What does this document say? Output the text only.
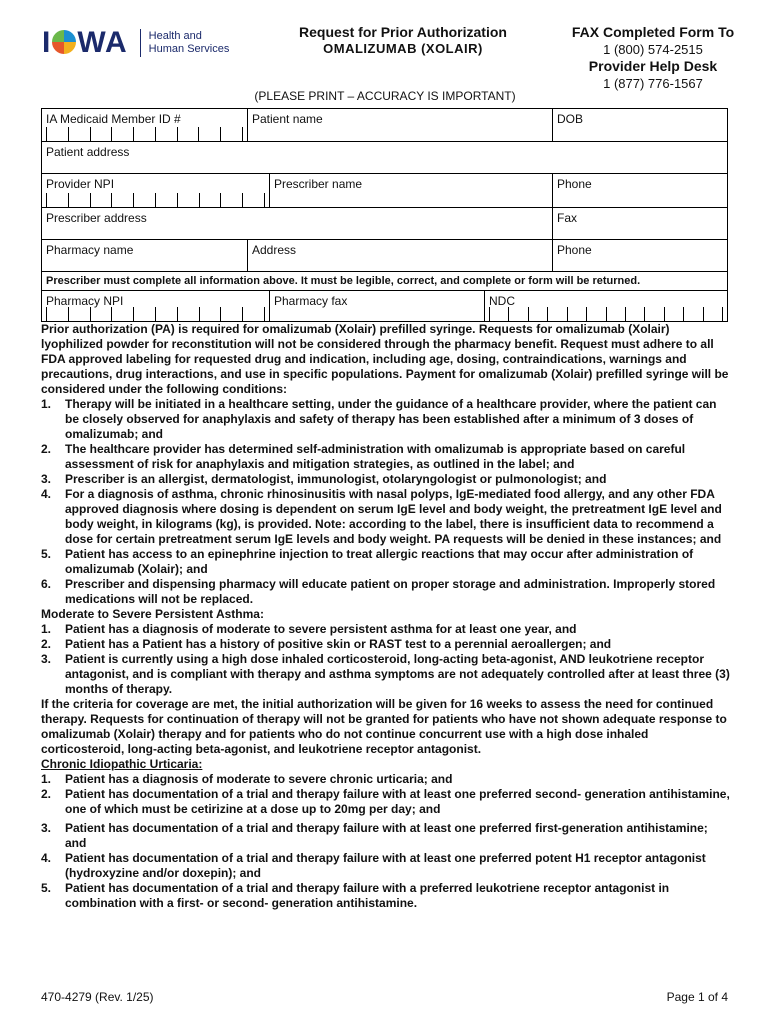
I WA Health and
Human Services
Request for Prior Authorization
OMALIZUMAB (XOLAIR)
FAX Completed Form To
1 (800) 574-2515
Provider Help Desk
1 (877) 776-1567
(PLEASE PRINT – ACCURACY IS IMPORTANT)
IA Medicaid Member ID #	Patient name	DOB
Patient address
Provider NPI	Prescriber name	Phone
Prescriber address	Fax
Pharmacy name	Address	Phone
Prescriber must complete all information above. It must be legible, correct, and complete or form will be returned.
Pharmacy NPI	Pharmacy fax	NDC

Prior authorization (PA) is required for omalizumab (Xolair) prefilled syringe. Requests for omalizumab (Xolair) lyophilized powder for reconstitution will not be considered through the pharmacy benefit. Request must adhere to all FDA approved labeling for requested drug and indication, including age, dosing, contraindications, warnings and precautions, drug interactions, and use in specific populations. Payment for omalizumab (Xolair) prefilled syringe will be considered under the following conditions:

1. Therapy will be initiated in a healthcare setting, under the guidance of a healthcare provider, where the patient can be closely observed for anaphylaxis and safety of therapy has been established after a minimum of 3 doses of omalizumab; and
2. The healthcare provider has determined self-administration with omalizumab is appropriate based on careful assessment of risk for anaphylaxis and mitigation strategies, as outlined in the label; and
3. Prescriber is an allergist, dermatologist, immunologist, otolaryngologist or pulmonologist; and
4. For a diagnosis of asthma, chronic rhinosinusitis with nasal polyps, IgE-mediated food allergy, and any other FDA approved diagnosis where dosing is dependent on serum IgE level and body weight, the pretreatment IgE level and body weight, in kilograms (kg), is provided. Note: according to the label, there is insufficient data to recommend a dose for certain pretreatment serum IgE levels and body weight. PA requests will be denied in these instances; and
5. Patient has access to an epinephrine injection to treat allergic reactions that may occur after administration of omalizumab (Xolair); and
6. Prescriber and dispensing pharmacy will educate patient on proper storage and administration. Improperly stored medications will not be replaced.

Moderate to Severe Persistent Asthma:

1. Patient has a diagnosis of moderate to severe persistent asthma for at least one year, and
2. Patient has a Patient has a history of positive skin or RAST test to a perennial aeroallergen; and
3. Patient is currently using a high dose inhaled corticosteroid, long-acting beta-agonist, AND leukotriene receptor antagonist, and is compliant with therapy and asthma symptoms are not adequately controlled after at least three (3) months of therapy.

If the criteria for coverage are met, the initial authorization will be given for 16 weeks to assess the need for continued therapy. Requests for continuation of therapy will not be granted for patients who have not shown adequate response to omalizumab (Xolair) therapy and for patients who do not continue concurrent use with a high dose inhaled corticosteroid, long-acting beta-agonist, and leukotriene receptor antagonist.

Chronic Idiopathic Urticaria:

1. Patient has a diagnosis of moderate to severe chronic urticaria; and
2. Patient has documentation of a trial and therapy failure with at least one preferred second- generation antihistamine, one of which must be cetirizine at a dose up to 20mg per day; and
3. Patient has documentation of a trial and therapy failure with at least one preferred first-generation antihistamine; and
4. Patient has documentation of a trial and therapy failure with at least one preferred potent H1 receptor antagonist (hydroxyzine and/or doxepin); and
5. Patient has documentation of a trial and therapy failure with a preferred leukotriene receptor antagonist in combination with a first- or second- generation antihistamine.
470-4279 (Rev. 1/25)	Page 1 of 4
